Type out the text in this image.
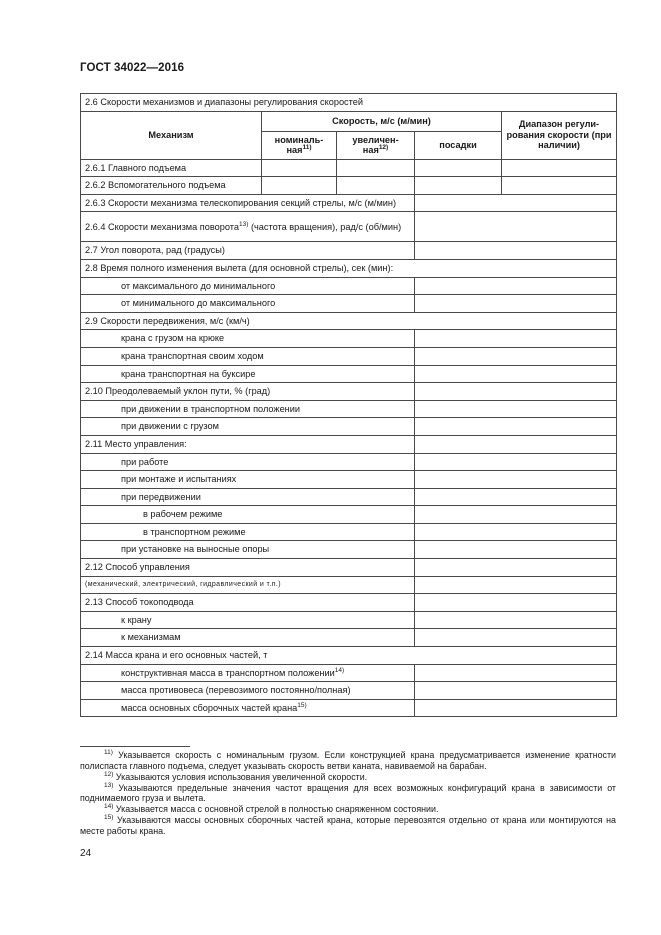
ГОСТ 34022—2016
2.6 Скорости механизмов и диапазоны регулирования скоростей				
Механизм	Скорость, м/с (м/мин)			Диапазон регули-рования скорости (при наличии)
	номиналь-ная$^{11)}$	увеличен-ная$^{12)}$	посадки	
2.6.1 Главного подъема				
2.6.2 Вспомогательного подъема				
2.6.3 Скорости механизма телескопирования секций стрелы, м/с (м/мин)				
2.6.4 Скорости механизма поворота$^{13)}$ (частота вращения), рад/с (об/мин)				
2.7 Угол поворота, рад (градусы)				
2.8 Время полного изменения вылета (для основной стрелы), сек (мин):				
от максимального до минимального				
от минимального до максимального				
2.9 Скорости передвижения, м/с (км/ч)				
крана с грузом на крюке				
крана транспортная своим ходом				
крана транспортная на буксире				
2.10 Преодолеваемый уклон пути, % (град)				
при движении в транспортном положении				
при движении с грузом				
2.11 Место управления:				
при работе				
при монтаже и испытаниях				
при передвижении				
в рабочем режиме				
в транспортном режиме				
при установке на выносные опоры				
2.12 Способ управления				
(механический, электрический, гидравлический и т.п.)				
2.13 Способ токоподвода				
к крану				
к механизмам				
2.14 Масса крана и его основных частей, т				
конструктивная масса в транспортном положении$^{14)}$	
масса противовеса (перевозимого постоянно/полная)				
масса основных сборочных частей крана$^{15)}$	

$^{11)}$ Указывается скорость с номинальным грузом. Если конструкцией крана предусматривается изменение кратности полиспаста главного подъема, следует указывать скорость ветви каната, навиваемой на барабан.

$^{12)}$ Указываются условия использования увеличенной скорости.

$^{13)}$ Указываются предельные значения частот вращения для всех возможных конфигураций крана в зависимости от поднимаемого груза и вылета.

$^{14)}$ Указывается масса с основной стрелой в полностью снаряженном состоянии.

$^{15)}$ Указываются массы основных сборочных частей крана, которые перевозятся отдельно от крана или монтируются на месте работы крана.

24
